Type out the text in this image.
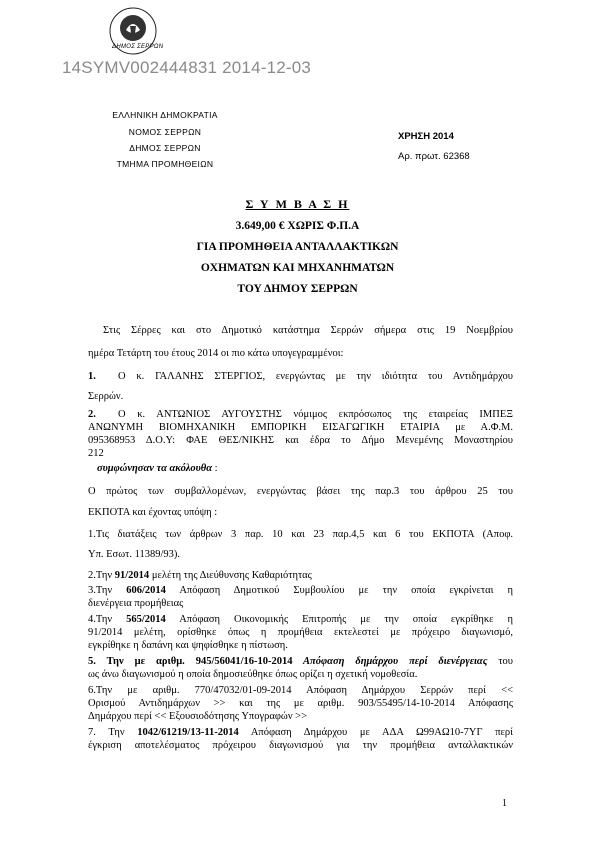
ΔΗΜΟΣ ΣΕΡΡΩΝ
14SYMV002444831 2014-12-03
ΕΛΛΗΝΙΚΗ ΔΗΜΟΚΡΑΤΙΑ
ΝΟΜΟΣ ΣΕΡΡΩΝ
ΔΗΜΟΣ ΣΕΡΡΩΝ
ΤΜΗΜΑ ΠΡΟΜΗΘΕΙΩΝ
ΧΡΗΣΗ 2014
Αρ. πρωτ. 62368
Σ Υ Μ Β Α Σ Η
3.649,00 € ΧΩΡΙΣ Φ.Π.Α
ΓΙΑ ΠΡΟΜΗΘΕΙΑ ΑΝΤΑΛΛΑΚΤΙΚΩΝ
ΟΧΗΜΑΤΩΝ ΚΑΙ ΜΗΧΑΝΗΜΑΤΩΝ
ΤΟΥ ΔΗΜΟΥ ΣΕΡΡΩΝ
Στις Σέρρες και στο Δημοτικό κατάστημα Σερρών σήμερα στις 19 Νοεμβρίου
ημέρα Τετάρτη του έτους 2014 οι πιο κάτω υπογεγραμμένοι:
1. Ο κ. ΓΑΛΑΝΗΣ ΣΤΕΡΓΙΟΣ, ενεργώντας με την ιδιότητα του Αντιδημάρχου
Σερρών.
2. Ο κ. ΑΝΤΩΝΙΟΣ ΑΥΓΟΥΣΤΗΣ νόμιμος εκπρόσωπος της εταιρείας ΙΜΠΕΞ
ΑΝΩΝΥΜΗ ΒΙΟΜΗΧΑΝΙΚΗ ΕΜΠΟΡΙΚΗ ΕΙΣΑΓΩΓΙΚΗ ΕΤΑΙΡΙΑ με Α.Φ.Μ.
095368953 Δ.Ο.Υ: ΦΑΕ ΘΕΣ/ΝΙΚΗΣ και έδρα το Δήμο Μενεμένης Μοναστηρίου
212
συμφώνησαν τα ακόλουθα :
Ο πρώτος των συμβαλλομένων, ενεργώντας βάσει της παρ.3 του άρθρου 25 του
ΕΚΠΟΤΑ και έχοντας υπόψη :
1.Τις διατάξεις των άρθρων 3 παρ. 10 και 23 παρ.4,5 και 6 του ΕΚΠΟΤΑ (Αποφ.
Υπ. Εσωτ. 11389/93).
2.Την 91/2014 μελέτη της Διεύθυνσης Καθαριότητας
3.Την 606/2014 Απόφαση Δημοτικού Συμβουλίου με την οποία εγκρίνεται η
διενέργεια προμήθειας
4.Την 565/2014 Απόφαση Οικονομικής Επιτροπής με την οποία εγκρίθηκε η
91/2014 μελέτη, ορίσθηκε όπως η προμήθεια εκτελεστεί με πρόχειρο διαγωνισμό,
εγκρίθηκε η δαπάνη και ψηφίσθηκε η πίστωση.
5. Την με αριθμ. 945/56041/16-10-2014 Απόφαση δημάρχου περί διενέργειας του
ως άνω διαγωνισμού η οποία δημοσιεύθηκε όπως ορίζει η σχετική νομοθεσία.
6.Την με αριθμ. 770/47032/01-09-2014 Απόφαση Δημάρχου Σερρών περί <<
Ορισμού Αντιδημάρχων >> και της με αριθμ. 903/55495/14-10-2014 Απόφασης
Δημάρχου περί << Εξουσιοδότησης Υπογραφών >>
7. Την 1042/61219/13-11-2014 Απόφαση Δημάρχου με ΑΔΑ Ω99ΑΩ10-7ΥΓ περί
έγκριση αποτελέσματος πρόχειρου διαγωνισμού για την προμήθεια ανταλλακτικών
1
